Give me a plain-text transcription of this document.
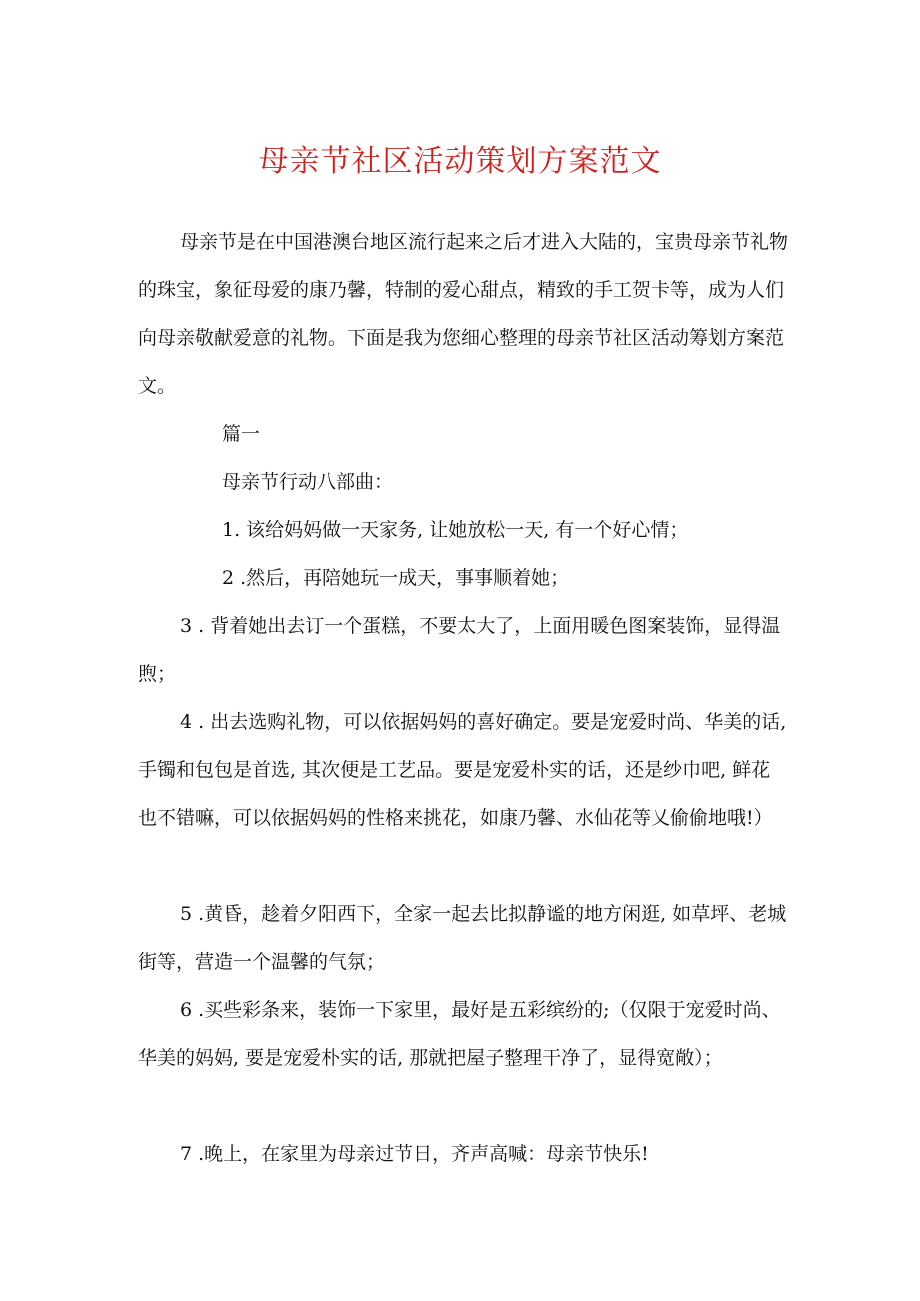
母亲节社区活动策划方案范文

母亲节是在中国港澳台地区流行起来之后才进入大陆的，宝贵母亲节礼物的珠宝，象征母爱的康乃馨，特制的爱心甜点，精致的手工贺卡等，成为人们向母亲敬献爱意的礼物。下面是我为您细心整理的母亲节社区活动筹划方案范文。

篇一

母亲节行动八部曲：

1. 该给妈妈做一天家务, 让她放松一天, 有一个好心情；

2 .然后，再陪她玩一成天，事事顺着她；

3 . 背着她出去订一个蛋糕，不要太大了，上面用暖色图案装饰，显得温煦；

4 . 出去选购礼物，可以依据妈妈的喜好确定。要是宠爱时尚、华美的话, 手镯和包包是首选, 其次便是工艺品。要是宠爱朴实的话，还是纱巾吧, 鲜花也不错嘛，可以依据妈妈的性格来挑花，如康乃馨、水仙花等乂偷偷地哦!）

5 .黄昏，趁着夕阳西下，全家一起去比拟静谧的地方闲逛, 如草坪、老城街等，营造一个温馨的气氛；

6 .买些彩条来，装饰一下家里，最好是五彩缤纷的;（仅限于宠爱时尚、华美的妈妈, 要是宠爱朴实的话, 那就把屋子整理干净了，显得宽敞）；

7 .晚上，在家里为母亲过节日，齐声高喊：母亲节快乐!
